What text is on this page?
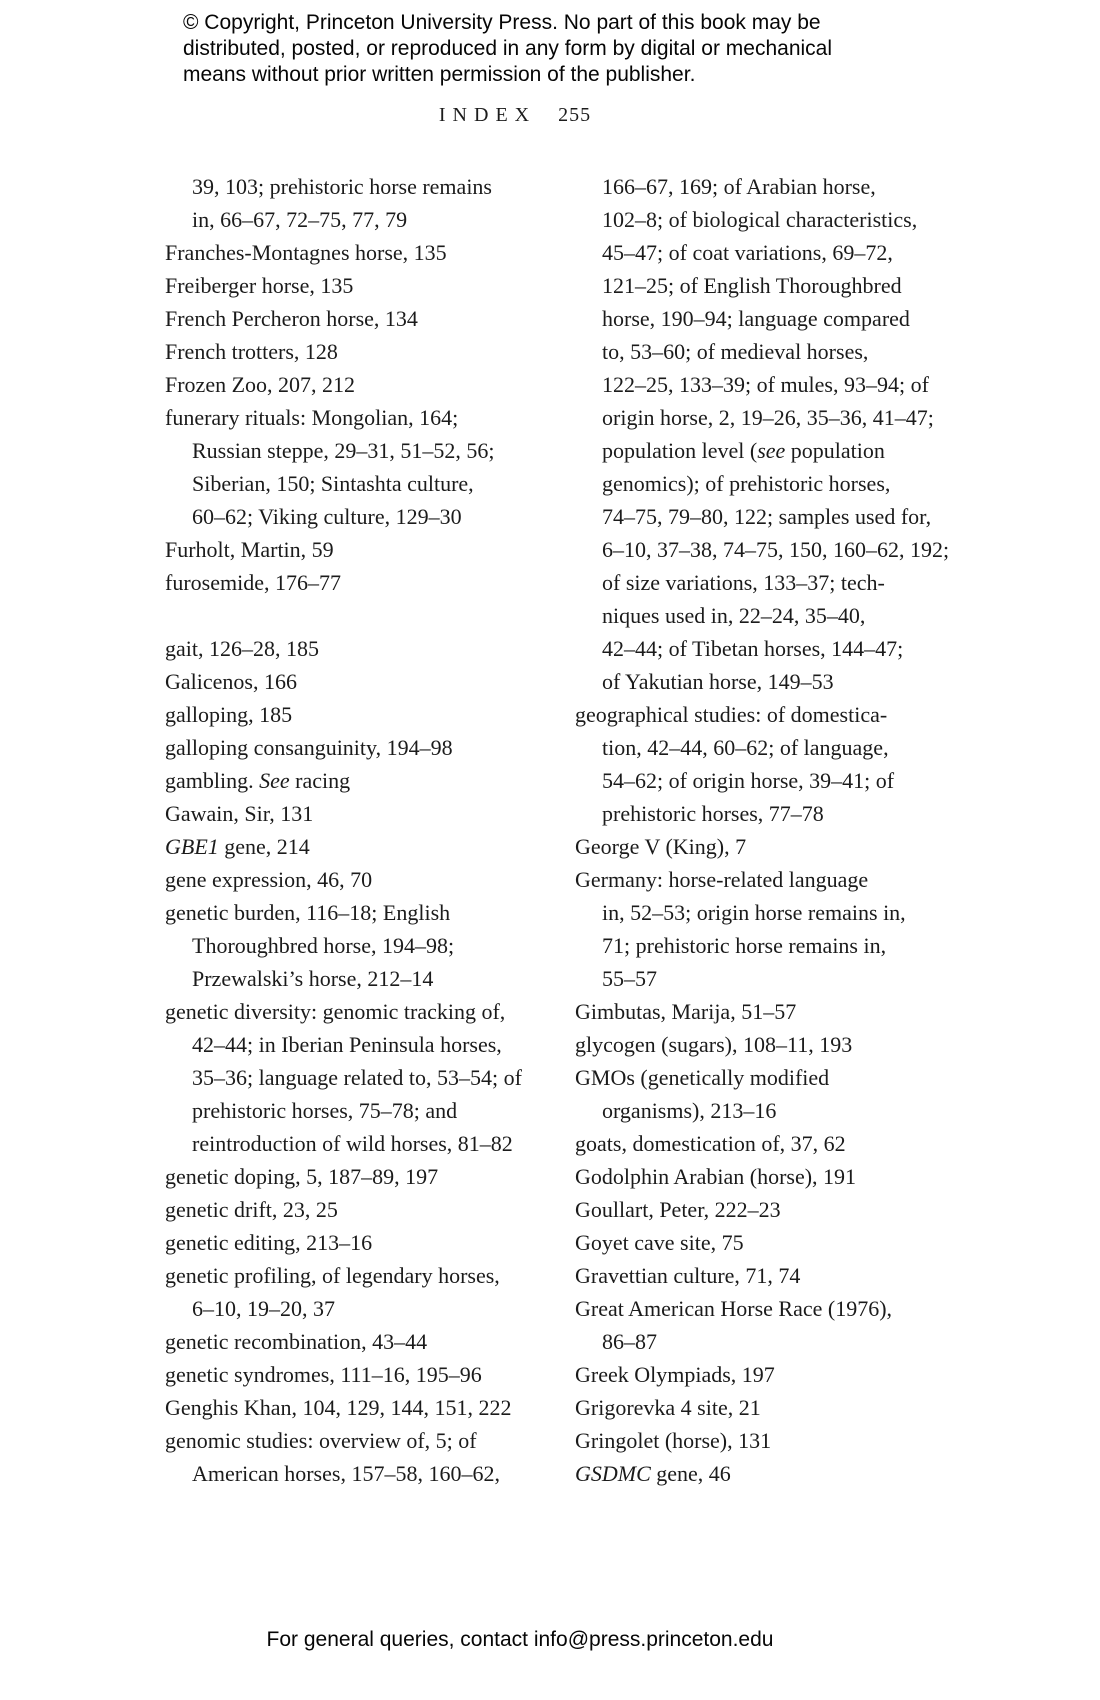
© Copyright, Princeton University Press. No part of this book may be
distributed, posted, or reproduced in any form by digital or mechanical
means without prior written permission of the publisher.
INDEX 255
39, 103; prehistoric horse remains
in, 66–67, 72–75, 77, 79
Franches-Montagnes horse, 135
Freiberger horse, 135
French Percheron horse, 134
French trotters, 128
Frozen Zoo, 207, 212
funerary rituals: Mongolian, 164;
Russian steppe, 29–31, 51–52, 56;
Siberian, 150; Sintashta culture,
60–62; Viking culture, 129–30
Furholt, Martin, 59
furosemide, 176–77
gait, 126–28, 185
Galicenos, 166
galloping, 185
galloping consanguinity, 194–98
gambling. See racing
Gawain, Sir, 131
GBE1 gene, 214
gene expression, 46, 70
genetic burden, 116–18; English
Thoroughbred horse, 194–98;
Przewalski’s horse, 212–14
genetic diversity: genomic tracking of,
42–44; in Iberian Peninsula horses,
35–36; language related to, 53–54; of
prehistoric horses, 75–78; and
reintroduction of wild horses, 81–82
genetic doping, 5, 187–89, 197
genetic drift, 23, 25
genetic editing, 213–16
genetic profiling, of legendary horses,
6–10, 19–20, 37
genetic recombination, 43–44
genetic syndromes, 111–16, 195–96
Genghis Khan, 104, 129, 144, 151, 222
genomic studies: overview of, 5; of
American horses, 157–58, 160–62,
166–67, 169; of Arabian horse,
102–8; of biological characteristics,
45–47; of coat variations, 69–72,
121–25; of English Thoroughbred
horse, 190–94; language compared
to, 53–60; of medieval horses,
122–25, 133–39; of mules, 93–94; of
origin horse, 2, 19–26, 35–36, 41–47;
population level (see population
genomics); of prehistoric horses,
74–75, 79–80, 122; samples used for,
6–10, 37–38, 74–75, 150, 160–62, 192;
of size variations, 133–37; tech-
niques used in, 22–24, 35–40,
42–44; of Tibetan horses, 144–47;
of Yakutian horse, 149–53
geographical studies: of domestica-
tion, 42–44, 60–62; of language,
54–62; of origin horse, 39–41; of
prehistoric horses, 77–78
George V (King), 7
Germany: horse-related language
in, 52–53; origin horse remains in,
71; prehistoric horse remains in,
55–57
Gimbutas, Marija, 51–57
glycogen (sugars), 108–11, 193
GMOs (genetically modified
organisms), 213–16
goats, domestication of, 37, 62
Godolphin Arabian (horse), 191
Goullart, Peter, 222–23
Goyet cave site, 75
Gravettian culture, 71, 74
Great American Horse Race (1976),
86–87
Greek Olympiads, 197
Grigorevka 4 site, 21
Gringolet (horse), 131
GSDMC gene, 46
For general queries, contact info@press.princeton.edu
